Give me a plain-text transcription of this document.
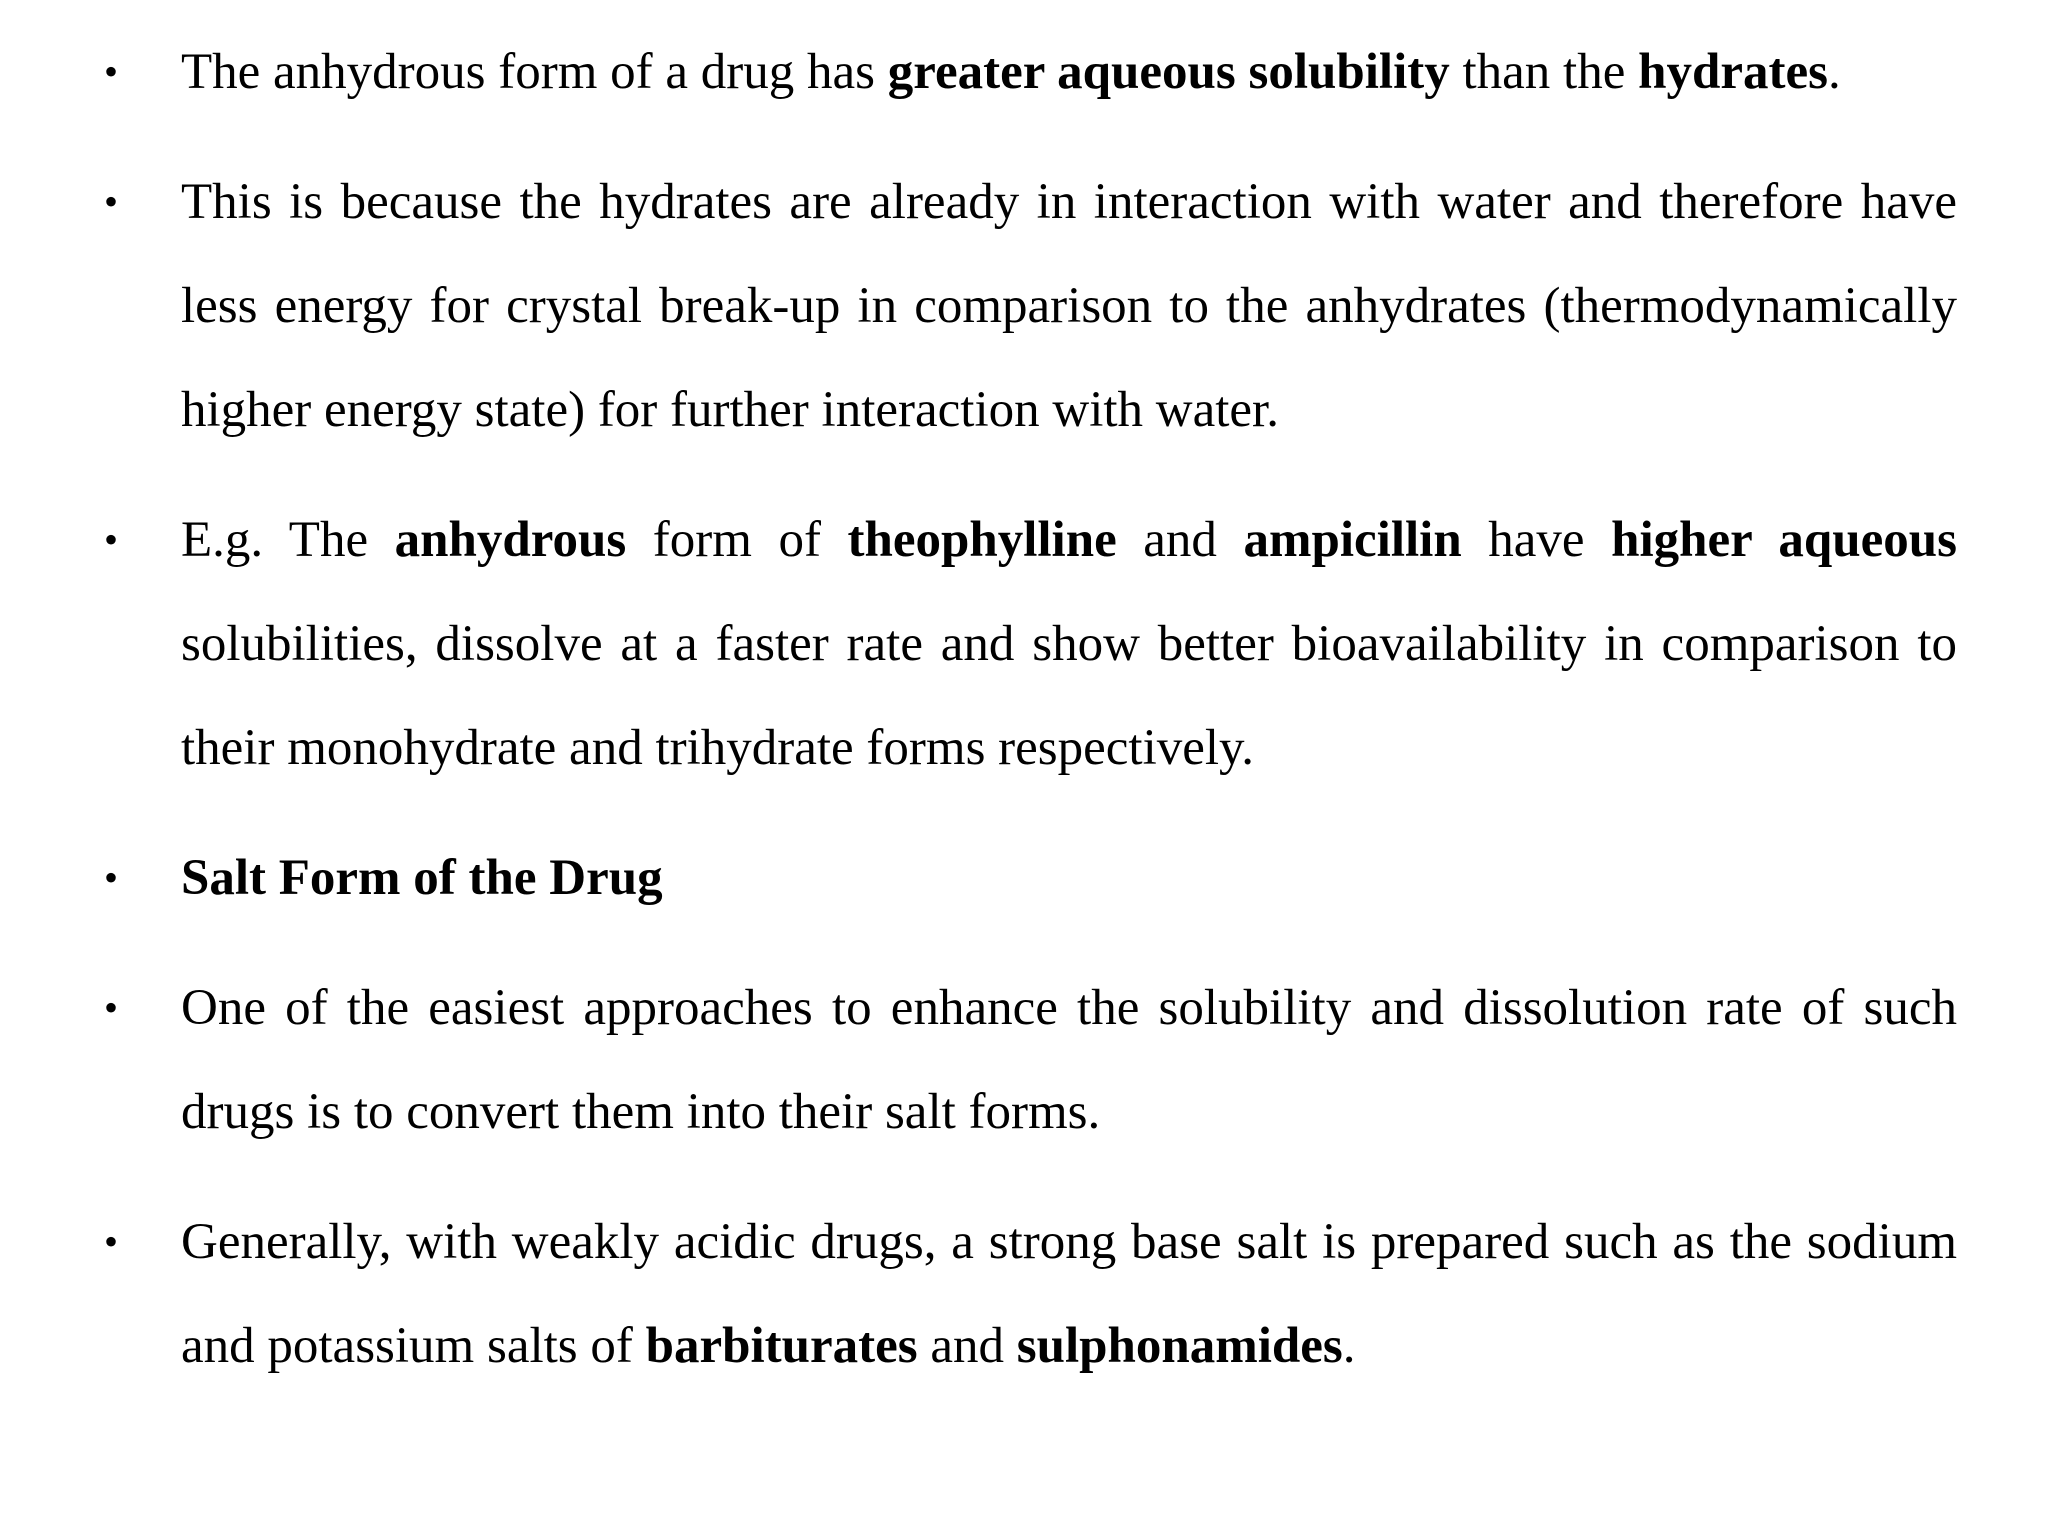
• The anhydrous form of a drug has greater aqueous solubility than the hydrates.

• This is because the hydrates are already in interaction with water and therefore have less energy for crystal break-up in comparison to the anhydrates (thermodynamically higher energy state) for further interaction with water.

• E.g. The anhydrous form of theophylline and ampicillin have higher aqueous solubilities, dissolve at a faster rate and show better bioavailability in comparison to their monohydrate and trihydrate forms respectively.

• Salt Form of the Drug

• One of the easiest approaches to enhance the solubility and dissolution rate of such drugs is to convert them into their salt forms.

• Generally, with weakly acidic drugs, a strong base salt is prepared such as the sodium and potassium salts of barbiturates and sulphonamides.
